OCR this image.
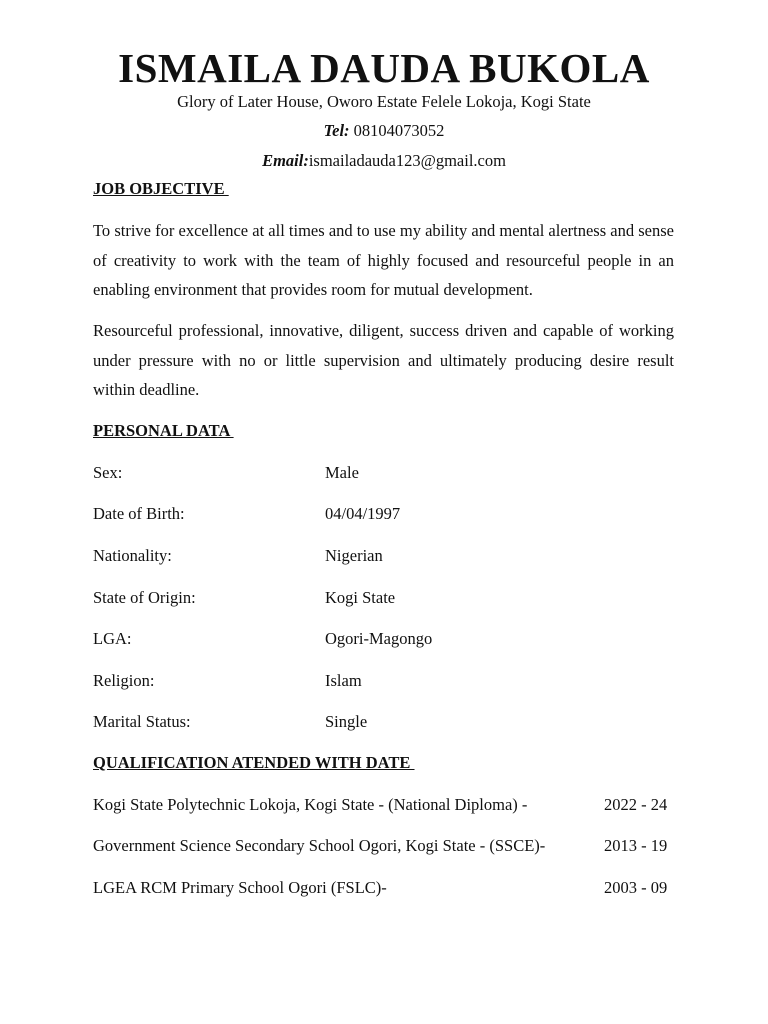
ISMAILA DAUDA BUKOLA
Glory of Later House, Oworo Estate Felele Lokoja, Kogi State
Tel: 08104073052
Email:ismailadauda123@gmail.com
JOB OBJECTIVE
To strive for excellence at all times and to use my ability and mental alertness and sense of creativity to work with the team of highly focused and resourceful people in an enabling environment that provides room for mutual development.
Resourceful professional, innovative, diligent, success driven and capable of working under pressure with no or little supervision and ultimately producing desire result within deadline.
PERSONAL DATA
Sex:	Male
Date of Birth:	04/04/1997
Nationality:	Nigerian
State of Origin:	Kogi State
LGA:	Ogori-Magongo
Religion:	Islam
Marital Status:	Single
QUALIFICATION ATENDED WITH DATE
Kogi State Polytechnic Lokoja, Kogi State - (National Diploma) -	2022 - 24
Government Science Secondary School Ogori, Kogi State - (SSCE)-	2013 - 19
LGEA RCM Primary School Ogori (FSLC)-	2003 - 09
